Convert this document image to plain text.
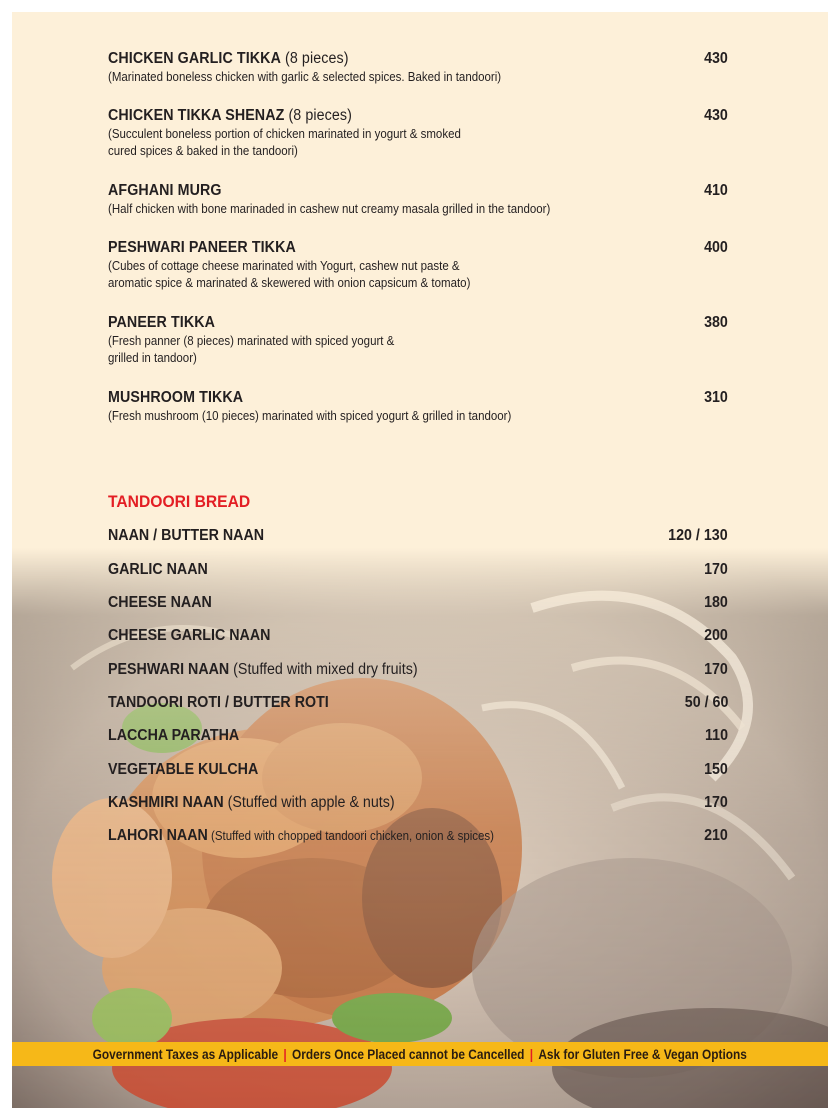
CHICKEN GARLIC TIKKA (8 pieces)
(Marinated boneless chicken with garlic & selected spices. Baked in tandoori)
430
CHICKEN TIKKA SHENAZ (8 pieces)
(Succulent boneless portion of chicken marinated in yogurt & smoked
cured spices & baked in the tandoori)
430
AFGHANI MURG
(Half chicken with bone marinaded in cashew nut creamy masala grilled in the tandoor)
410
PESHWARI PANEER TIKKA
(Cubes of cottage cheese marinated with Yogurt, cashew nut paste &
aromatic spice & marinated & skewered with onion capsicum & tomato)
400
PANEER TIKKA
(Fresh panner (8 pieces) marinated with spiced yogurt &
grilled in tandoor)
380
MUSHROOM TIKKA
(Fresh mushroom (10 pieces) marinated with spiced yogurt & grilled in tandoor)
310
TANDOORI BREAD
NAAN / BUTTER NAAN	120 / 130
GARLIC NAAN	170
CHEESE NAAN	180
CHEESE GARLIC NAAN	200
PESHWARI NAAN (Stuffed with mixed dry fruits)	170
TANDOORI ROTI / BUTTER ROTI	50 / 60
LACCHA PARATHA	110
VEGETABLE KULCHA	150
KASHMIRI NAAN (Stuffed with apple & nuts)	170
LAHORI NAAN (Stuffed with chopped tandoori chicken, onion & spices)	210
Government Taxes as Applicable | Orders Once Placed cannot be Cancelled | Ask for Gluten Free & Vegan Options
